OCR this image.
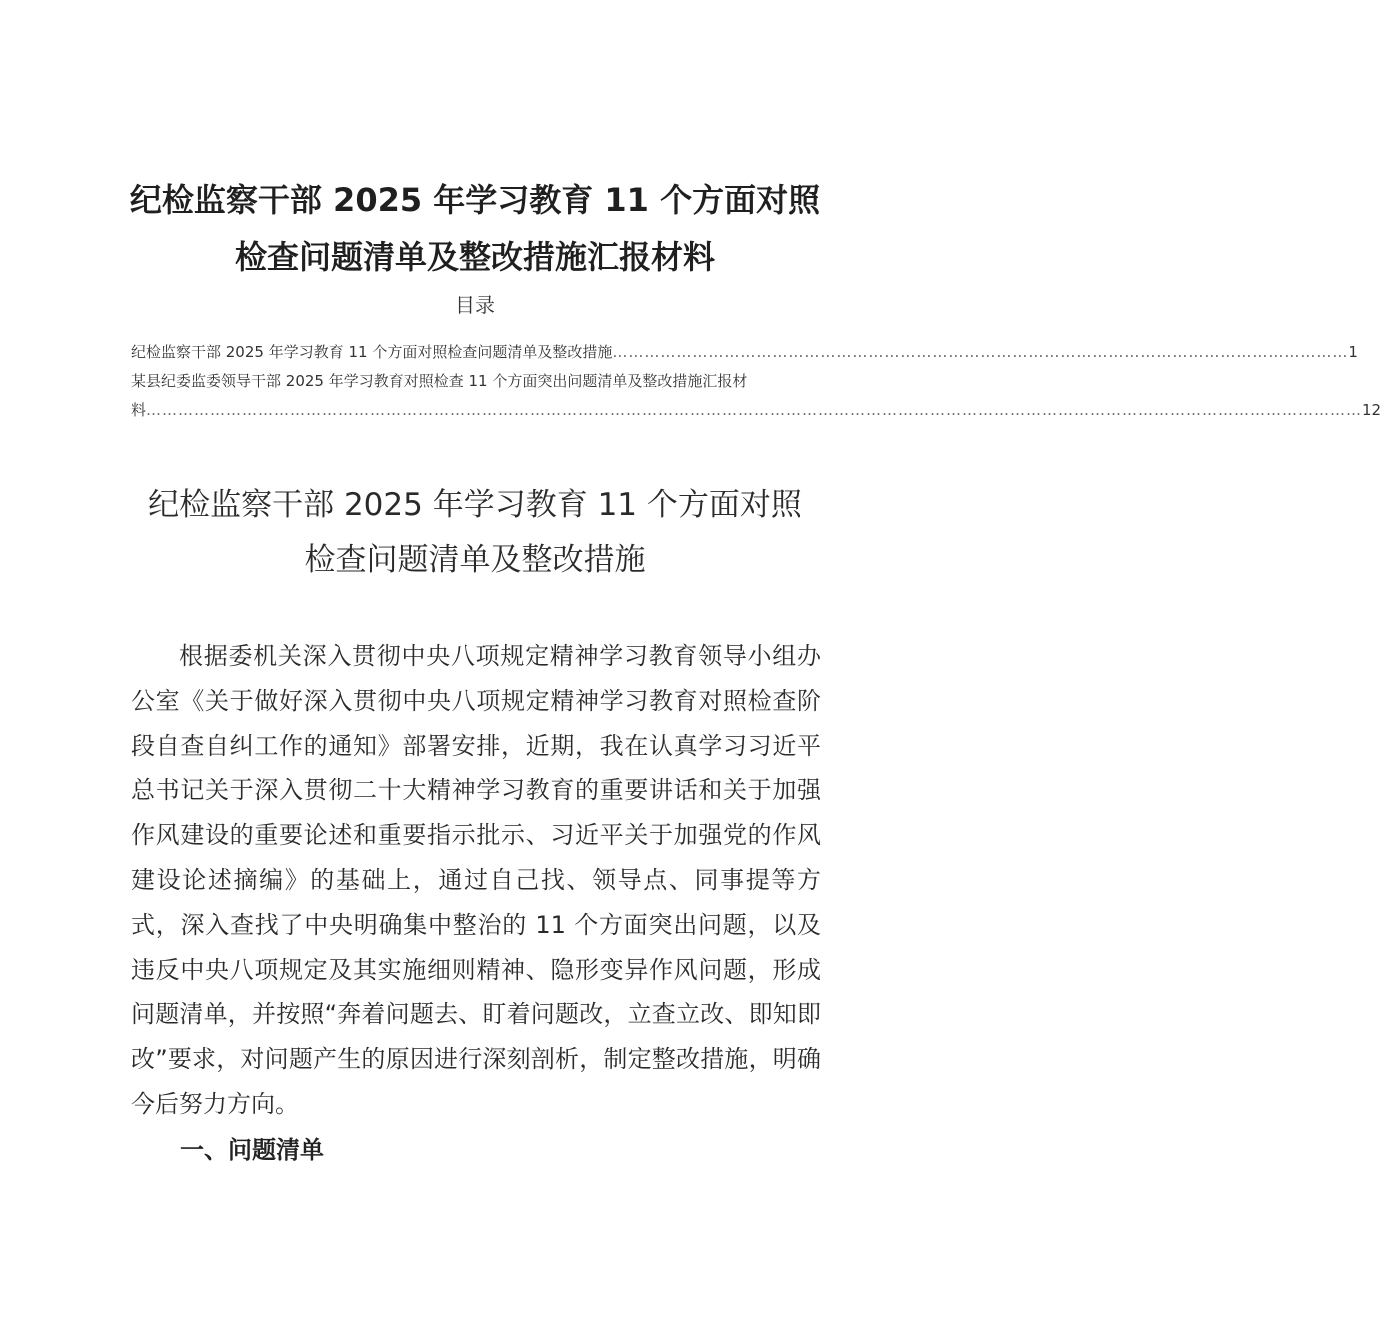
纪检监察干部 2025 年学习教育 11 个方面对照
检查问题清单及整改措施汇报材料
目录
纪检监察干部 2025 年学习教育 11 个方面对照检查问题清单及整改措施 ………………………………………………………………………………………………………………………… 1
某县纪委监委领导干部 2025 年学习教育对照检查 11 个方面突出问题清单及整改措施汇报材
料 ………………………………………………………………………………………………………………………………………………………………………………………………………… 12
纪检监察干部 2025 年学习教育 11 个方面对照
检查问题清单及整改措施

根据委机关深入贯彻中央八项规定精神学习教育领导小组办公室《关于做好深入贯彻中央八项规定精神学习教育对照检查阶段自查自纠工作的通知》部署安排，近期，我在认真学习习近平总书记关于深入贯彻二十大精神学习教育的重要讲话和关于加强作风建设的重要论述和重要指示批示、习近平关于加强党的作风建设论述摘编》的基础上，通过自己找、领导点、同事提等方式，深入查找了中央明确集中整治的 11 个方面突出问题，以及违反中央八项规定及其实施细则精神、隐形变异作风问题，形成问题清单，并按照“奔着问题去、盯着问题改，立查立改、即知即改”要求，对问题产生的原因进行深刻剖析，制定整改措施，明确今后努力方向。

一、问题清单
